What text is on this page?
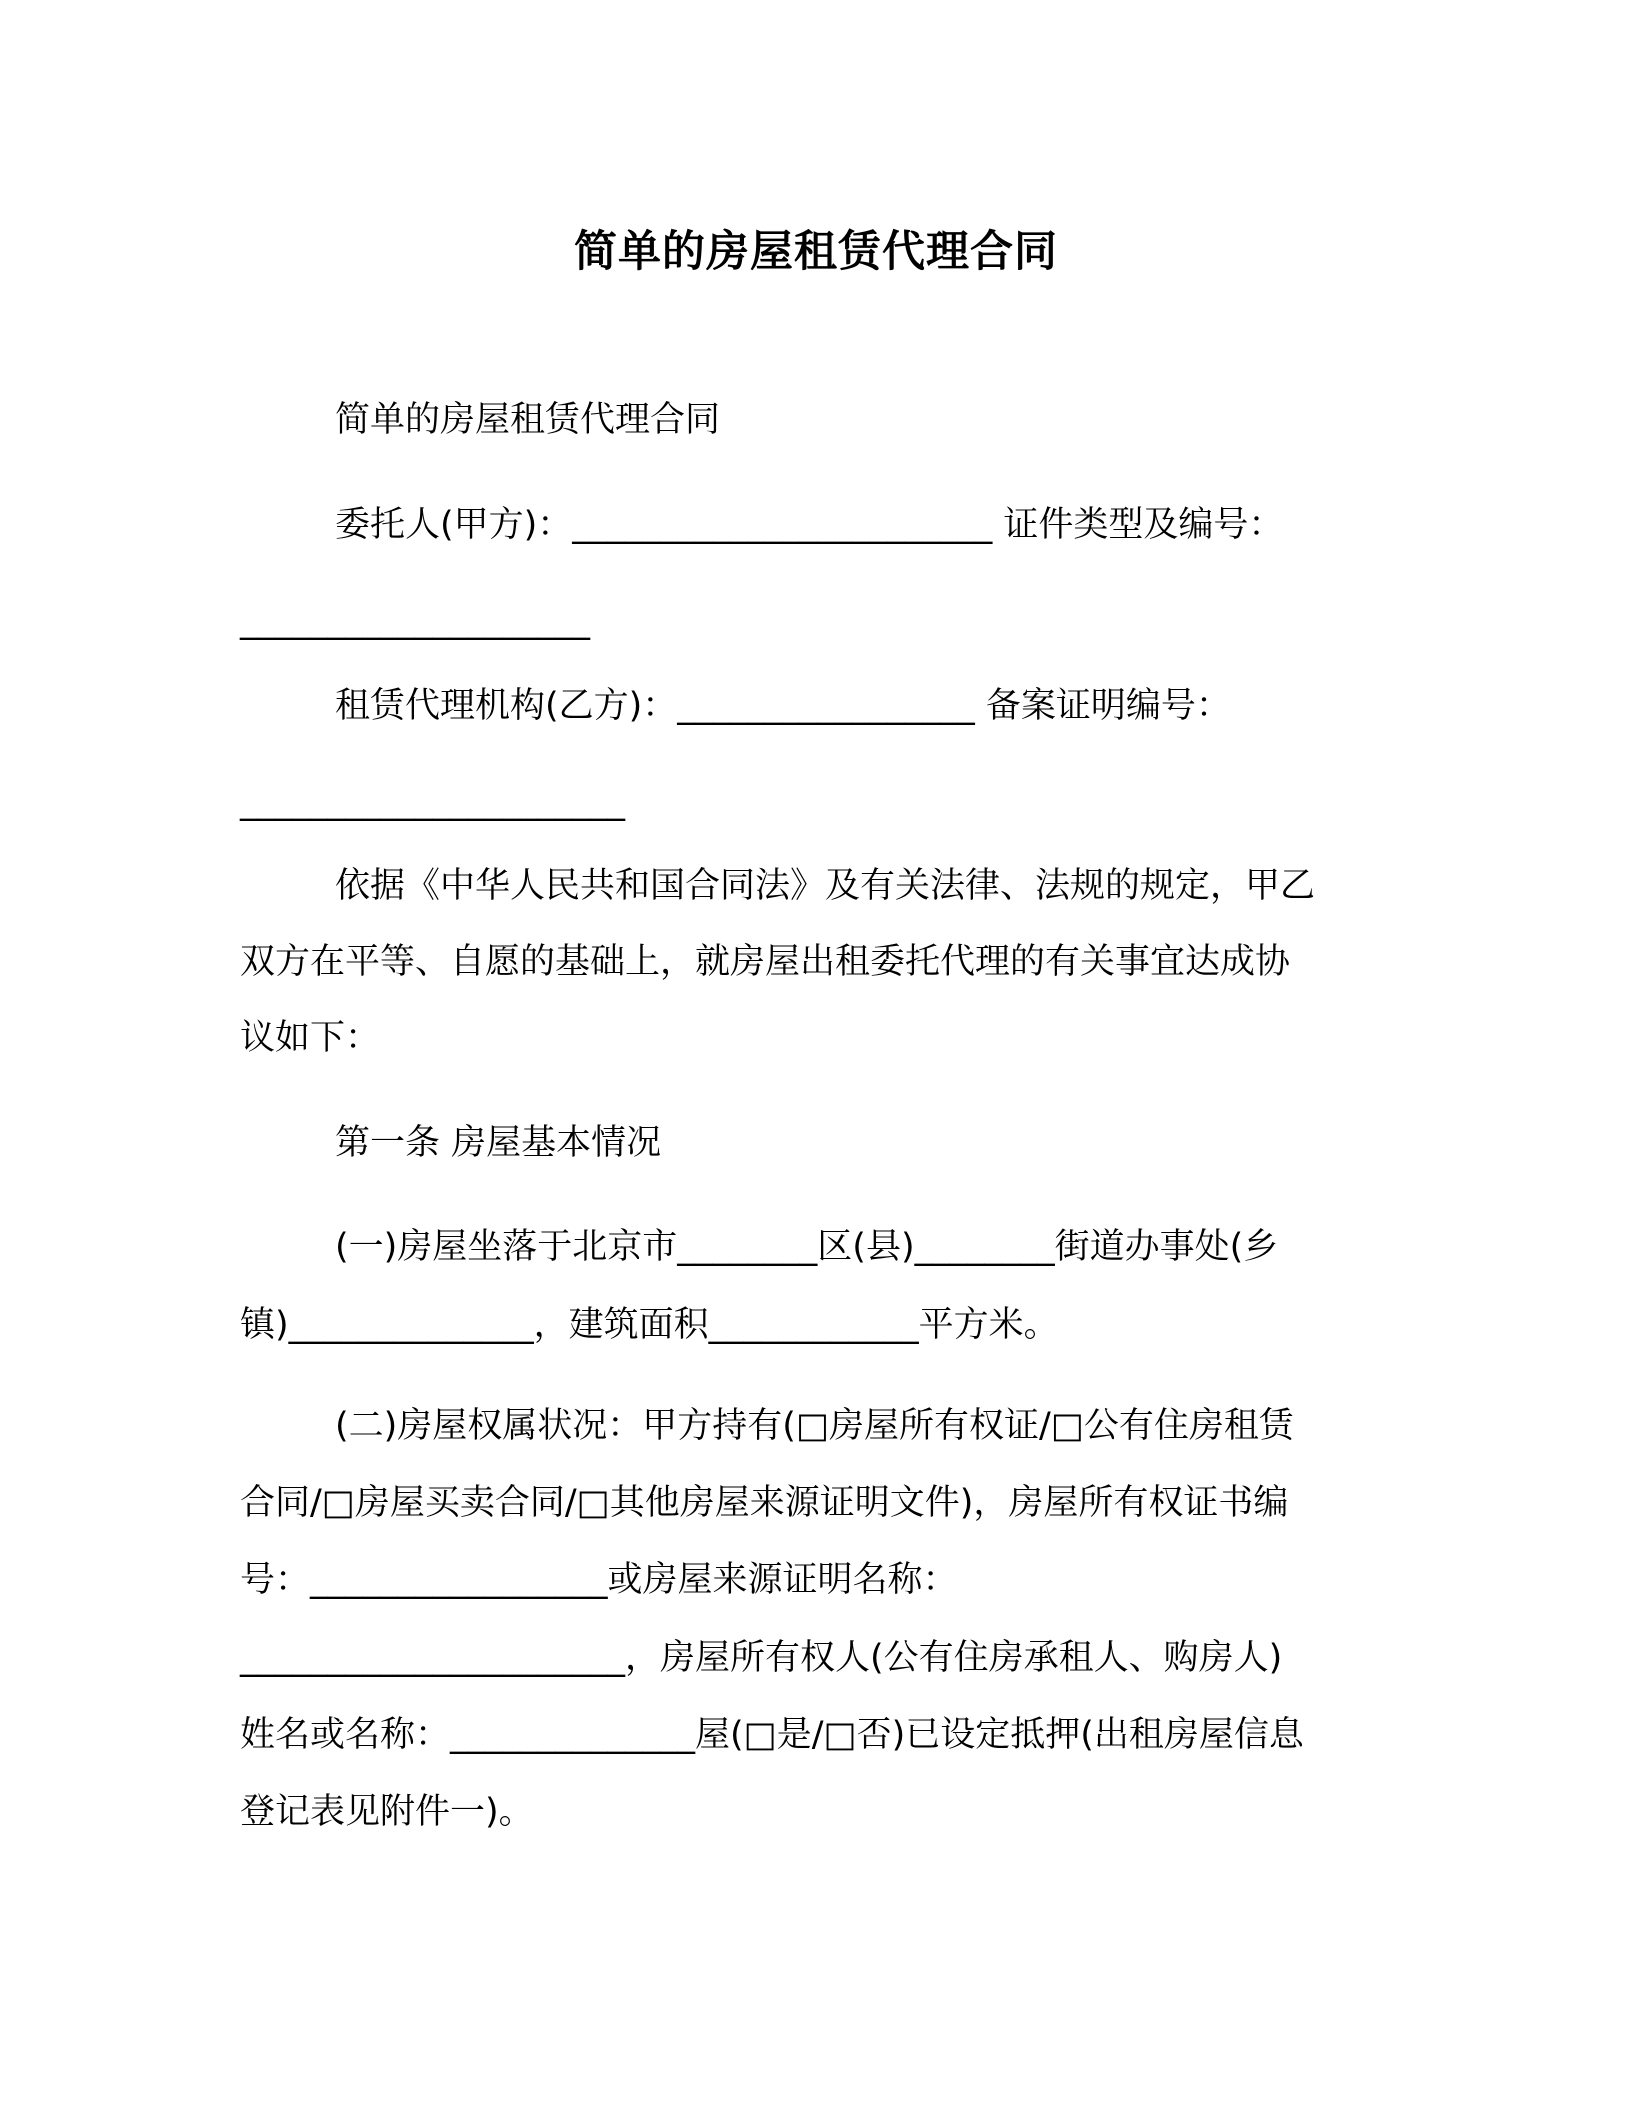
简单的房屋租赁代理合同
简单的房屋租赁代理合同
委托人(甲方)：________________________ 证件类型及编号：
____________________
租赁代理机构(乙方)：_________________ 备案证明编号：
______________________
依据《中华人民共和国合同法》及有关法律、法规的规定，甲乙
双方在平等、自愿的基础上，就房屋出租委托代理的有关事宜达成协
议如下：
第一条 房屋基本情况
(一)房屋坐落于北京市________区(县)________街道办事处(乡
镇)______________，建筑面积____________平方米。
(二)房屋权属状况：甲方持有(□房屋所有权证/□公有住房租赁
合同/□房屋买卖合同/□其他房屋来源证明文件)，房屋所有权证书编
号：_________________或房屋来源证明名称：
______________________，房屋所有权人(公有住房承租人、购房人)
姓名或名称：______________屋(□是/□否)已设定抵押(出租房屋信息
登记表见附件一)。
